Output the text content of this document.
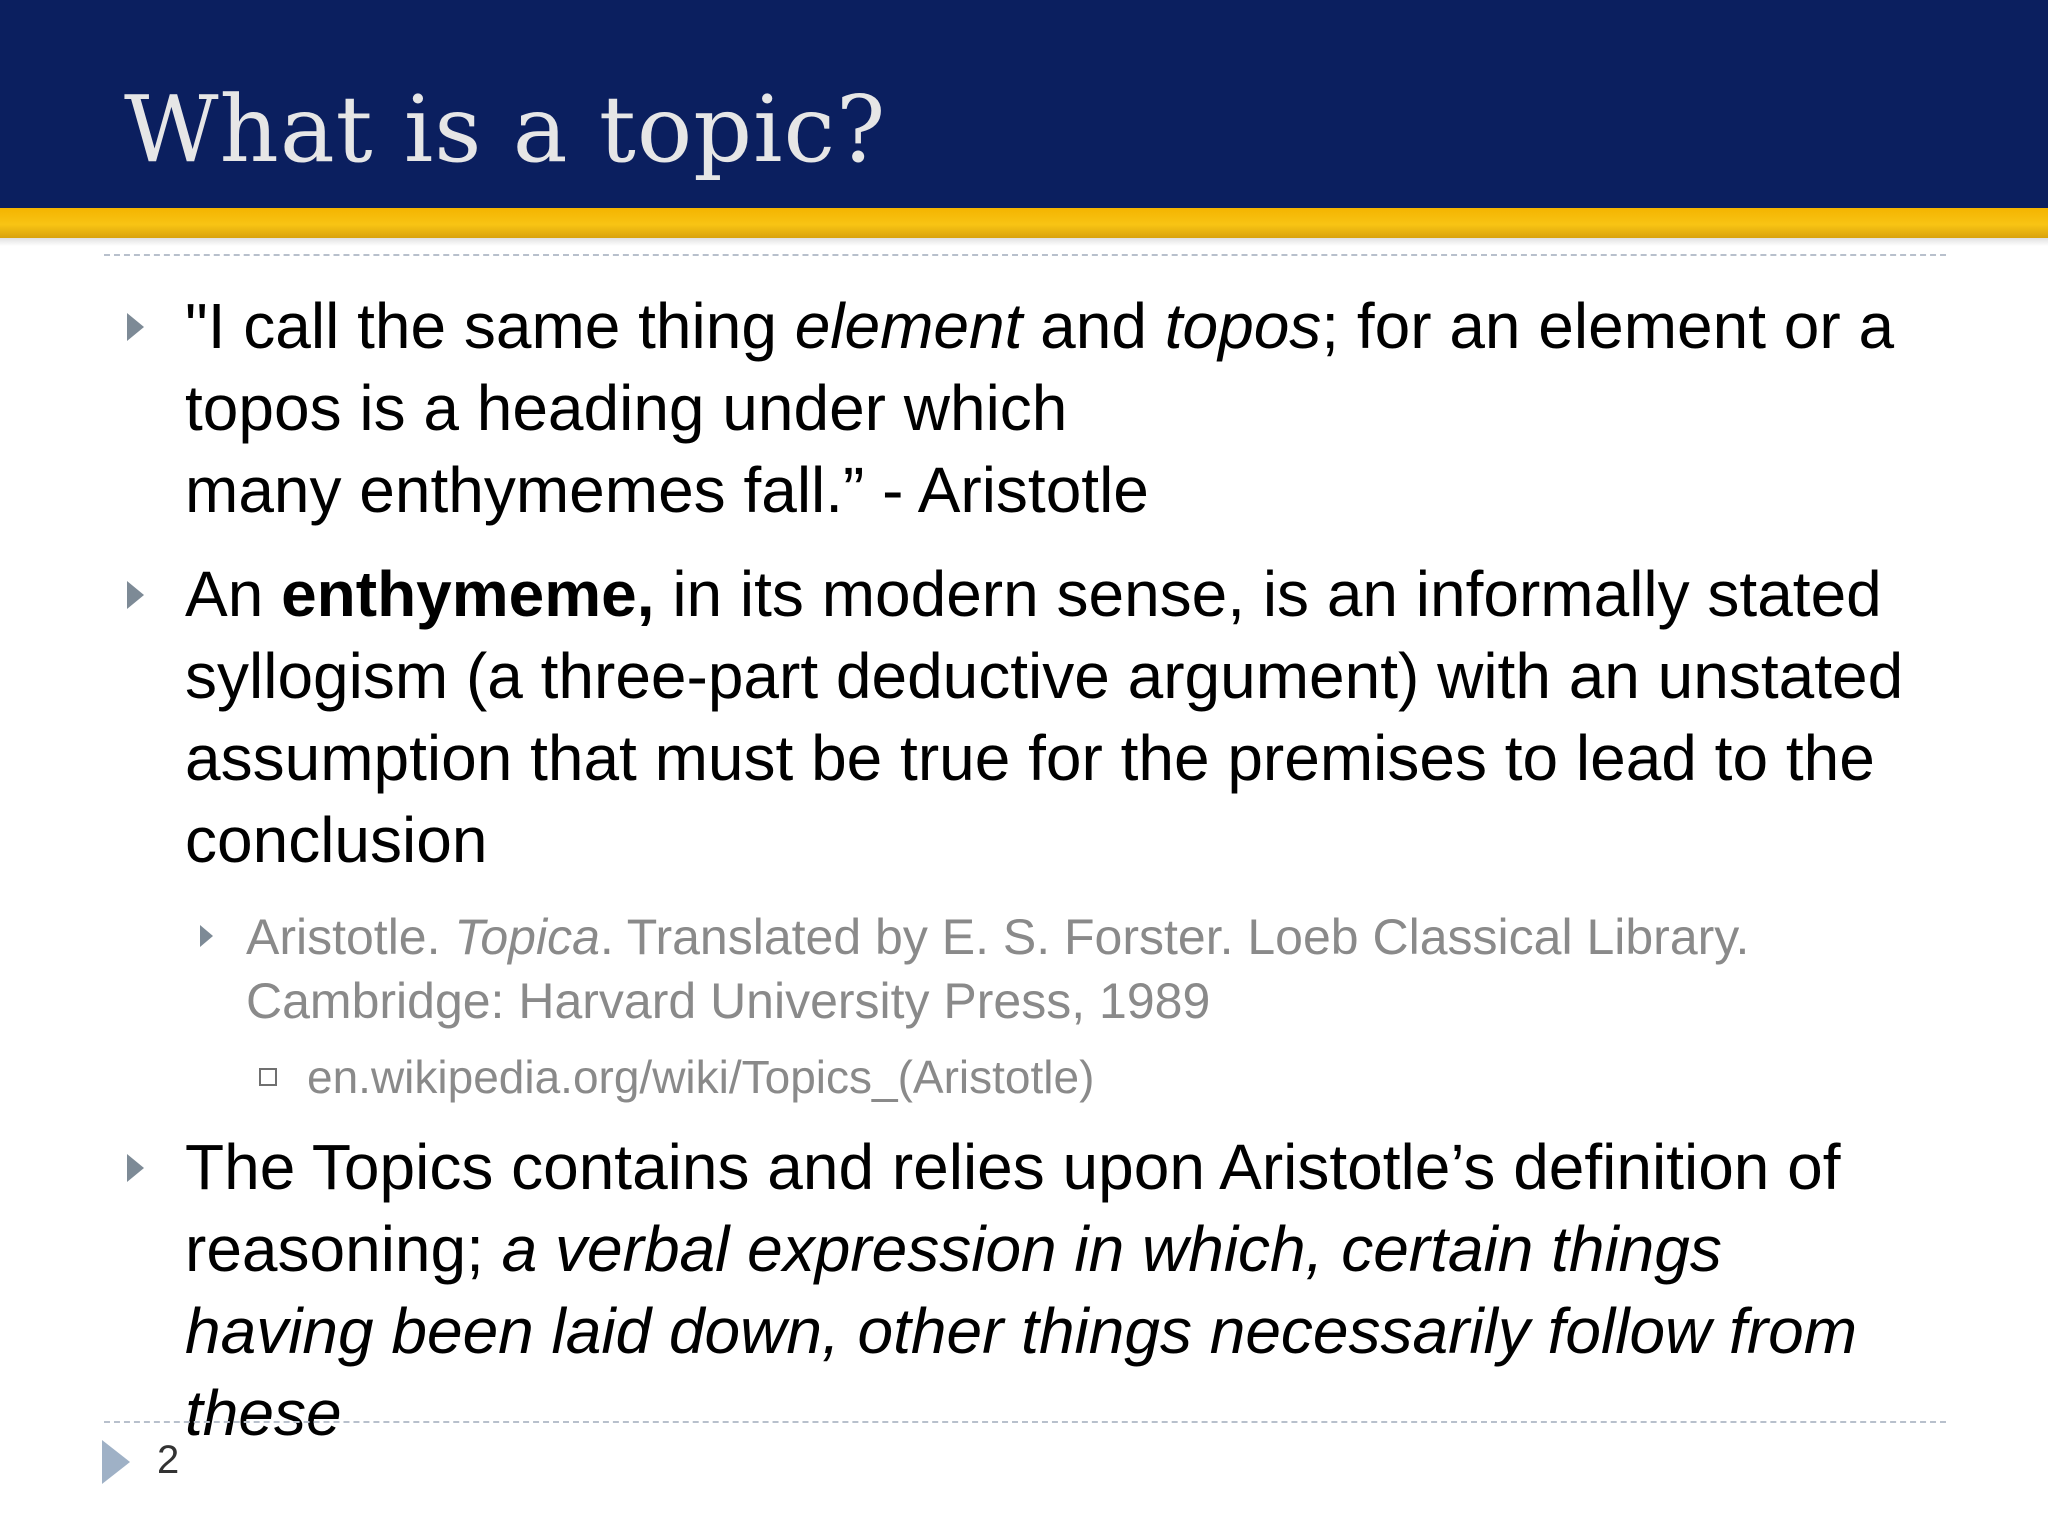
What is a topic?
"I call the same thing element and topos; for an element or a topos is a heading under which
many enthymemes fall.” - Aristotle
An enthymeme, in its modern sense, is an informally stated syllogism (a three-part deductive argument) with an unstated assumption that must be true for the premises to lead to the conclusion
Aristotle. Topica. Translated by E. S. Forster. Loeb Classical Library. Cambridge: Harvard University Press, 1989
en.wikipedia.org/wiki/Topics_(Aristotle)
The Topics contains and relies upon Aristotle’s definition of reasoning; a verbal expression in which, certain things having been laid down, other things necessarily follow from these
2
